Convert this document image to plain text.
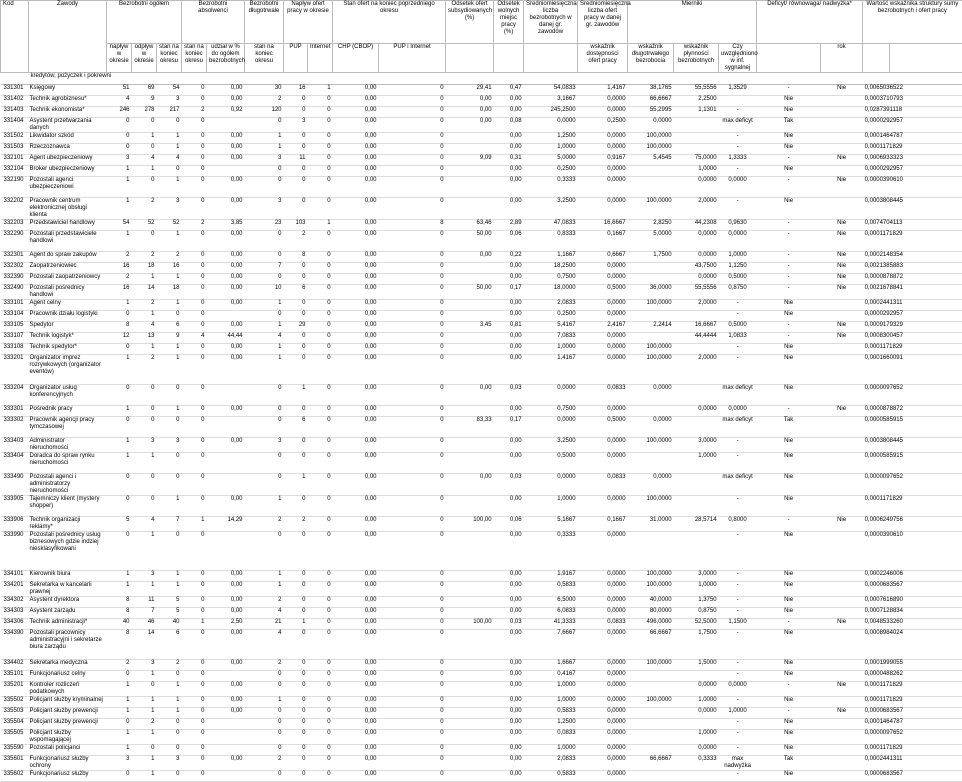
Kod	Zawody	Bezrobotni ogółem			Bezrobotni absolwenci		Bezrobotni długotrwale	Napływ ofert pracy w okresie		Stan ofert na koniec poprzedniego okresu		Odsetek ofert subsydiowanych (%)	Odsetek wolnych miejsc pracy (%)	Średniomiesięczna liczba bezrobotnych w danej gr. zawodów	Średniomiesięczna liczba ofert pracy w danej gr. zawodów	Mierniki			Deficyt/ równowaga/ nadwyżka*		Wartość wskaźnika struktury sumy bezrobotnych i ofert pracy	
		napływ w okresie	odpływ w okresie	stan na koniec okresu	stan na koniec okresu	udział w % do ogółem bezrobotnych	stan na koniec okresu	PUP	Internet	CHP (CBOP)	PUP i Internet				wskaźnik dostępności ofert pracy	wskaźnik długotrwałego bezrobocia	wskaźnik płynności bezrobotnych	Czy uwzględniono w inf. sygnalnej		rok		
	kredytów, pożyczek i pokrewni																					
331301	Księgowy	51	69	54	0	0,00	30	16	1	0,00	0	29,41	0,47	54,0833	1,4167	38,1765	55,5556	1,3529	-	Nie	0,0065036522	
331402	Technik agrobiznesu*	4	9	3	0	0,00	2	0	0	0,00	0	0,00	0,00	3,1667	0,0000	66,6667	2,2500		Nie		0,0003710793	
331403	Technik ekonomista*	246	278	217	2	0,92	120	0	0	0,00	0	0,00	0,00	245,2500	0,0000	55,2995	1,1301	-	Nie		0,0287391118	
331404	Asystent przetwarzania danych	0	0	0	0		0	3	0	0,00	0	0,00	0,08	0,0000	0,2500	0,0000		max deficyt	Tak		0,0000292957	
331502	Likwidator szkód	0	1	1	0	0,00	1	0	0	0,00	0		0,00	1,2500	0,0000	100,0000		-	Nie		0,0001464787	
331503	Rzeczoznawca	0	0	1	0	0,00	1	0	0	0,00	0		0,00	1,0000	0,0000	100,0000		-	Nie		0,0001171829	
332101	Agent ubezpieczeniowy	3	4	4	0	0,00	3	11	0	0,00	0	9,09	0,31	5,0000	0,9167	5,4545	75,0000	1,3333	-	Nie	0,0006933323	
332104	Broker ubezpieczeniowy	1	1	0	0		0	0	0	0,00	0		0,00	0,2500	0,0000		1,0000	-	Nie		0,0000292957	
332190	Pozostali agenci ubezpieczeniowi	1	0	1	0	0,00	0	0	0	0,00	0		0,00	0,3333	0,0000		0,0000	0,0000	-	Nie	0,0000390610	
332202	Pracownik centrum elektronicznej obsługi klienta	1	2	3	0	0,00	3	0	0	0,00	0		0,00	3,2500	0,0000	100,0000	2,0000	-	Nie		0,0003808445	
332203	Przedstawiciel handlowy	54	52	52	2	3,85	23	103	1	0,00	8	63,46	2,89	47,0833	16,6667	2,8250	44,2308	0,9630	-	Nie	0,0074704113	
332290	Pozostali przedstawiciele handlowi	1	0	1	0	0,00	0	2	0	0,00	0	50,00	0,06	0,8333	0,1667	5,0000	0,0000	0,0000	-	Nie	0,0001171829	
332301	Agent do spraw zakupów	2	2	2	0	0,00	0	8	0	0,00	0	0,00	0,22	1,1667	0,6667	1,7500	0,0000	1,0000	-	Nie	0,0002148354	
332302	Zaopatrzeniowiec	16	18	16	0	0,00	7	0	0	0,00	0		0,00	18,2500	0,0000		43,7500	1,1250	-	Nie	0,0021385883	
332390	Pozostali zaopatrzeniowcy	2	1	1	0	0,00	0	0	0	0,00	0		0,00	0,7500	0,0000		0,0000	0,5000	-	Nie	0,0000878872	
332490	Pozostali pośrednicy handlowi	16	14	18	0	0,00	10	6	0	0,00	0	50,00	0,17	18,0000	0,5000	36,0000	55,5556	0,8750	-	Nie	0,0021678841	
333101	Agent celny	1	2	1	0	0,00	1	0	0	0,00	0		0,00	2,0833	0,0000	100,0000	2,0000	-	Nie		0,0002441311	
333104	Pracownik działu logistyki	0	1	0	0		0	0	0	0,00	0		0,00	0,2500	0,0000			-	Nie		0,0000292957	
333105	Spedytor	8	4	6	0	0,00	1	29	0	0,00	0	3,45	0,81	5,4167	2,4167	2,2414	16,6667	0,5000	-	Nie	0,0009179329	
333107	Technik logistyk*	12	13	9	4	44,44	4	0	0	0,00	0		0,00	7,0833	0,0000		44,4444	1,0833	-	Nie	0,0008300457	
333108	Technik spedytor*	0	1	1	0	0,00	1	0	0	0,00	0		0,00	1,0000	0,0000	100,0000		-	Nie		0,0001171829	
333201	Organizator imprez rozrywkowych (organizator eventów)	1	2	1	0	0,00	1	0	0	0,00	0		0,00	1,4167	0,0000	100,0000	2,0000	-	Nie		0,0001660091	
333204	Organizator usług konferencyjnych	0	0	0	0		0	1	0	0,00	0	0,00	0,03	0,0000	0,0833	0,0000		max deficyt	Nie		0,0000097652	
333301	Pośrednik pracy	1	0	1	0	0,00	0	0	0	0,00	0		0,00	0,7500	0,0000		0,0000	0,0000	-	Nie	0,0000878872	
333302	Pracownik agencji pracy tymczasowej	0	0	0	0		0	6	0	0,00	0	83,33	0,17	0,0000	0,5000	0,0000		max deficyt	Tak		0,0000585915	
333403	Administrator nieruchomości	1	3	3	0	0,00	3	0	0	0,00	0		0,00	3,2500	0,0000	100,0000	3,0000	-	Nie		0,0003808445	
333404	Doradca do spraw rynku nieruchomości	1	1	0	0		0	0	0	0,00	0		0,00	0,5000	0,0000		1,0000	-	Nie		0,0000585915	
333490	Pozostali agenci i administratorzy nieruchomości	0	0	0	0		0	1	0	0,00	0	0,00	0,03	0,0000	0,0833	0,0000		max deficyt	Nie		0,0000097652	
333905	Tajemniczy klient (mystery shopper)	0	0	1	0	0,00	1	0	0	0,00	0		0,00	1,0000	0,0000	100,0000		-	Nie		0,0001171829	
333906	Technik organizacji reklamy*	5	4	7	1	14,29	2	2	0	0,00	0	100,00	0,06	5,1667	0,1667	31,0000	28,5714	0,8000	-	Nie	0,0006249756	
333990	Pozostali pośrednicy usług biznesowych gdzie indziej niesklasyfikowani	0	1	0	0		0	0	0	0,00	0		0,00	0,3333	0,0000			-	Nie		0,0000390610	
334101	Kierownik biura	1	3	1	0	0,00	1	0	0	0,00	0		0,00	1,9167	0,0000	100,0000	3,0000	-	Nie		0,0002246006	
334201	Sekretarka w kancelarii prawnej	1	1	1	0	0,00	1	0	0	0,00	0		0,00	0,5833	0,0000	100,0000	1,0000	-	Nie		0,0000683567	
334302	Asystent dyrektora	8	11	5	0	0,00	2	0	0	0,00	0		0,00	6,5000	0,0000	40,0000	1,3750	-	Nie		0,0007616890	
334303	Asystent zarządu	8	7	5	0	0,00	4	0	0	0,00	0		0,00	6,0833	0,0000	80,0000	0,8750	-	Nie		0,0007128834	
334306	Technik administracji*	40	46	40	1	2,50	21	1	0	0,00	0	100,00	0,03	41,3333	0,0833	496,0000	52,5000	1,1500	-	Nie	0,0048533260	
334390	Pozostali pracownicy administracyjni i sekretarze biura zarządu	8	14	6	0	0,00	4	0	0	0,00	0		0,00	7,6667	0,0000	66,6667	1,7500	-	Nie		0,0008984024	
334402	Sekretarka medyczna	2	3	2	0	0,00	2	0	0	0,00	0		0,00	1,6667	0,0000	100,0000	1,5000	-	Nie		0,0001999055	
335101	Funkcjonariusz celny	0	1	0	0		0	0	0	0,00	0		0,00	0,4167	0,0000			-	Nie		0,0000488262	
335201	Kontroler rozliczeń podatkowych	1	0	1	0	0,00	0	0	0	0,00	0		0,00	1,0000	0,0000		0,0000	0,0000	-	Nie	0,0001171829	
335502	Policjant służby kryminalnej	1	1	1	0	0,00	1	0	0	0,00	0		0,00	1,0000	0,0000	100,0000	1,0000	-	Nie		0,0001171829	
335503	Policjant służby prewencji	1	1	1	0	0,00	0	0	0	0,00	0		0,00	0,5833	0,0000		0,0000	1,0000	-	Nie	0,0000683567	
335504	Policjant służby prewencji	0	2	0	0		0	0	0	0,00	0		0,00	1,2500	0,0000			-	Nie		0,0001464787	
335505	Policjant służby wspomagającej	1	1	0	0		0	0	0	0,00	0		0,00	0,0833	0,0000		1,0000	-	Nie		0,0000097652	
335590	Pozostali policjanci	1	0	0	0		0	0	0	0,00	0		0,00	1,0000	0,0000		0,0000	-	Nie		0,0001171829	
335601	Funkcjonariusz służby ochrony	3	1	3	0	0,00	2	0	0	0,00	0		0,00	2,0833	0,0000	66,6667	0,3333	max nadwyżka	Tak		0,0002441311	
335602	Funkcjonariusz służby	0	1	0	0		0	0	0	0,00	0		0,00	0,5833	0,0000			-	Nie		0,0000683567	
